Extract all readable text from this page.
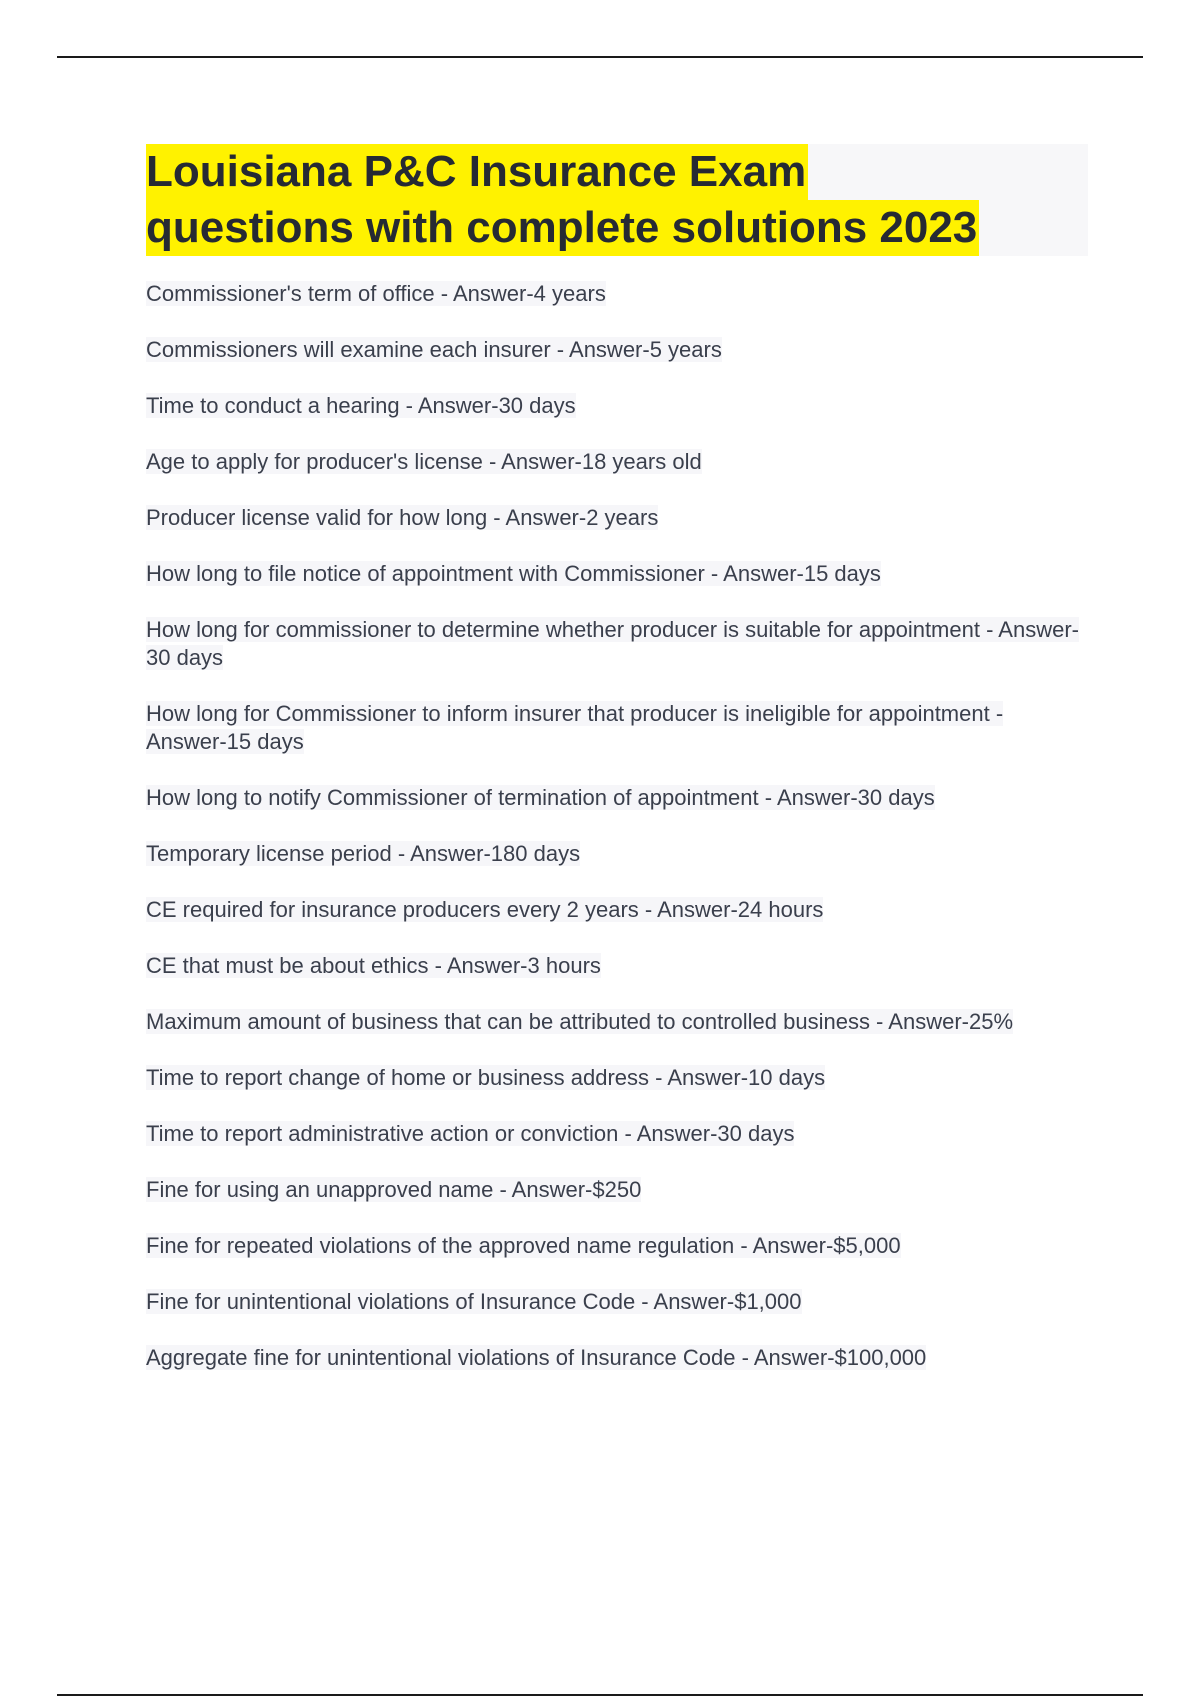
Louisiana P&C Insurance Exam
questions with complete solutions 2023
Commissioner's term of office - Answer-4 years
Commissioners will examine each insurer - Answer-5 years
Time to conduct a hearing - Answer-30 days
Age to apply for producer's license - Answer-18 years old
Producer license valid for how long - Answer-2 years
How long to file notice of appointment with Commissioner - Answer-15 days
How long for commissioner to determine whether producer is suitable for appointment - Answer-30 days
How long for Commissioner to inform insurer that producer is ineligible for appointment - Answer-15 days
How long to notify Commissioner of termination of appointment - Answer-30 days
Temporary license period - Answer-180 days
CE required for insurance producers every 2 years - Answer-24 hours
CE that must be about ethics - Answer-3 hours
Maximum amount of business that can be attributed to controlled business - Answer-25%
Time to report change of home or business address - Answer-10 days
Time to report administrative action or conviction - Answer-30 days
Fine for using an unapproved name - Answer-$250
Fine for repeated violations of the approved name regulation - Answer-$5,000
Fine for unintentional violations of Insurance Code - Answer-$1,000
Aggregate fine for unintentional violations of Insurance Code - Answer-$100,000
